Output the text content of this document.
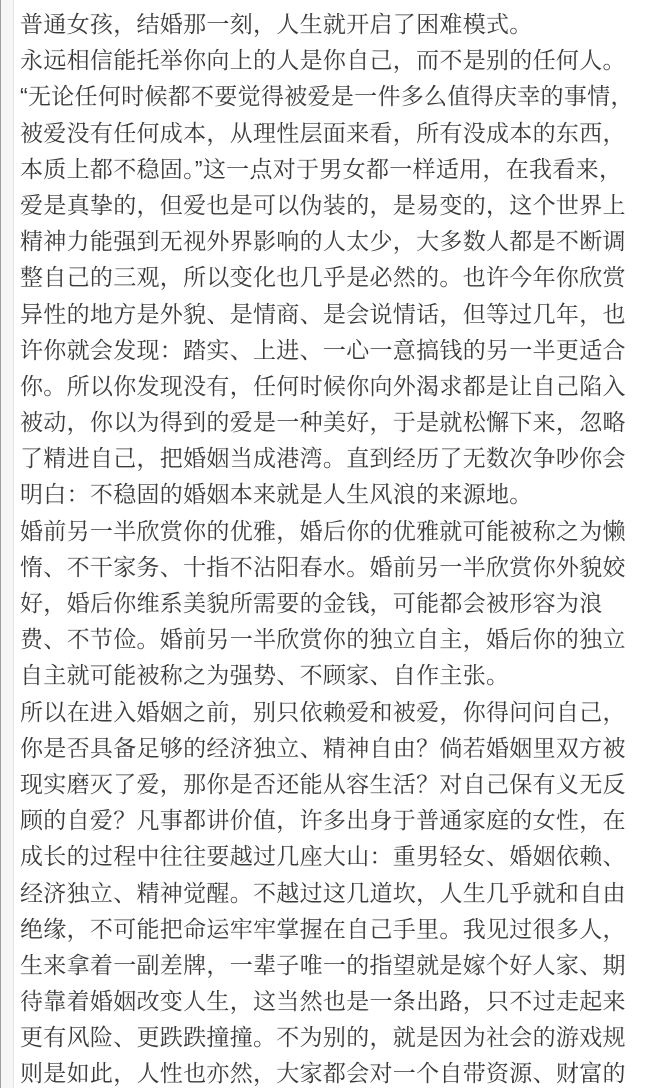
普通女孩，结婚那一刻，人生就开启了困难模式。
永远相信能托举你向上的人是你自己，而不是别的任何人。
“无论任何时候都不要觉得被爱是一件多么值得庆幸的事情，
被爱没有任何成本，从理性层面来看，所有没成本的东西，
本质上都不稳固。”这一点对于男女都一样适用，在我看来，
爱是真挚的，但爱也是可以伪装的，是易变的，这个世界上
精神力能强到无视外界影响的人太少，大多数人都是不断调
整自己的三观，所以变化也几乎是必然的。也许今年你欣赏
异性的地方是外貌、是情商、是会说情话，但等过几年，也
许你就会发现：踏实、上进、一心一意搞钱的另一半更适合
你。所以你发现没有，任何时候你向外渴求都是让自己陷入
被动，你以为得到的爱是一种美好，于是就松懈下来，忽略
了精进自己，把婚姻当成港湾。直到经历了无数次争吵你会
明白：不稳固的婚姻本来就是人生风浪的来源地。
婚前另一半欣赏你的优雅，婚后你的优雅就可能被称之为懒
惰、不干家务、十指不沾阳春水。婚前另一半欣赏你外貌姣
好，婚后你维系美貌所需要的金钱，可能都会被形容为浪
费、不节俭。婚前另一半欣赏你的独立自主，婚后你的独立
自主就可能被称之为强势、不顾家、自作主张。
所以在进入婚姻之前，别只依赖爱和被爱，你得问问自己，
你是否具备足够的经济独立、精神自由？倘若婚姻里双方被
现实磨灭了爱，那你是否还能从容生活？对自己保有义无反
顾的自爱？凡事都讲价值，许多出身于普通家庭的女性，在
成长的过程中往往要越过几座大山：重男轻女、婚姻依赖、
经济独立、精神觉醒。不越过这几道坎，人生几乎就和自由
绝缘，不可能把命运牢牢掌握在自己手里。我见过很多人，
生来拿着一副差牌，一辈子唯一的指望就是嫁个好人家、期
待靠着婚姻改变人生，这当然也是一条出路，只不过走起来
更有风险、更跌跌撞撞。不为别的，就是因为社会的游戏规
则是如此，人性也亦然，大家都会对一个自带资源、财富的
